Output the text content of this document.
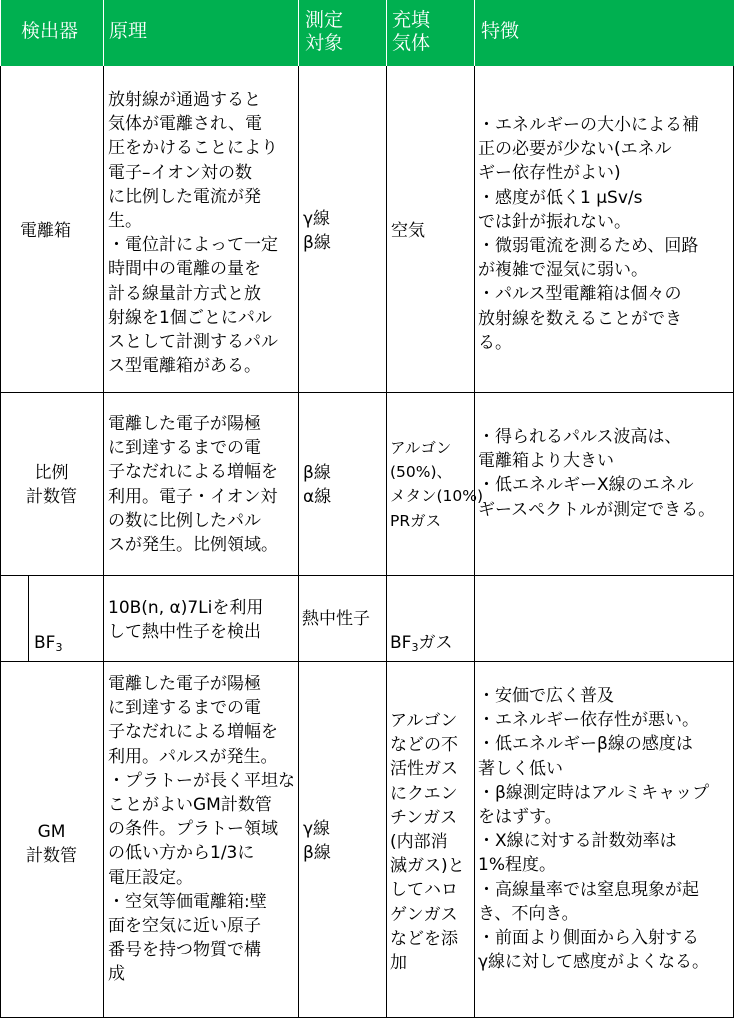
検出器 原理	測定
対象
充填
気体
特徴
電離箱
放射線が通過すると
気体が電離され、電
圧をかけることにより
電子–イオン対の数
に比例した電流が発
生。
・電位計によって一定
時間中の電離の量を
計る線量計方式と放
射線を1個ごとにパル
スとして計測するパル
ス型電離箱がある。
γ線
β線
空気
・エネルギーの大小による補
正の必要が少ない(エネル
ギー依存性がよい)
・感度が低く1 μSv/s
では針が振れない。
・微弱電流を測るため、回路
が複雑で湿気に弱い。
・パルス型電離箱は個々の
放射線を数えることができ
る。
比例
計数管
電離した電子が陽極
に到達するまでの電
子なだれによる増幅を
利用。電子・イオン対
の数に比例したパル
スが発生。比例領域。
β線
α線
アルゴン
(50%)、
メタン(10%)
PRガス
・得られるパルス波高は、
電離箱より大きい
・低エネルギーX線のエネル
ギースペクトルが測定できる。

BF3

10B(n, α)7Liを利用
して熱中性子を検出
熱中性子

BF3ガス

GM
計数管
電離した電子が陽極
に到達するまでの電
子なだれによる増幅を
利用。パルスが発生。
・プラトーが長く平坦な
ことがよいGM計数管
の条件。プラトー領域
の低い方から1/3に
電圧設定。
・空気等価電離箱:壁
面を空気に近い原子
番号を持つ物質で構
成
γ線
β線
アルゴン
などの不
活性ガス
にクエン
チンガス
(内部消
滅ガス)と
してハロ
ゲンガス
などを添
加
・安価で広く普及
・エネルギー依存性が悪い。
・低エネルギーβ線の感度は
著しく低い
・β線測定時はアルミキャップ
をはずす。
・X線に対する計数効率は
1%程度。
・高線量率では窒息現象が起
き、不向き。
・前面より側面から入射する
γ線に対して感度がよくなる。
